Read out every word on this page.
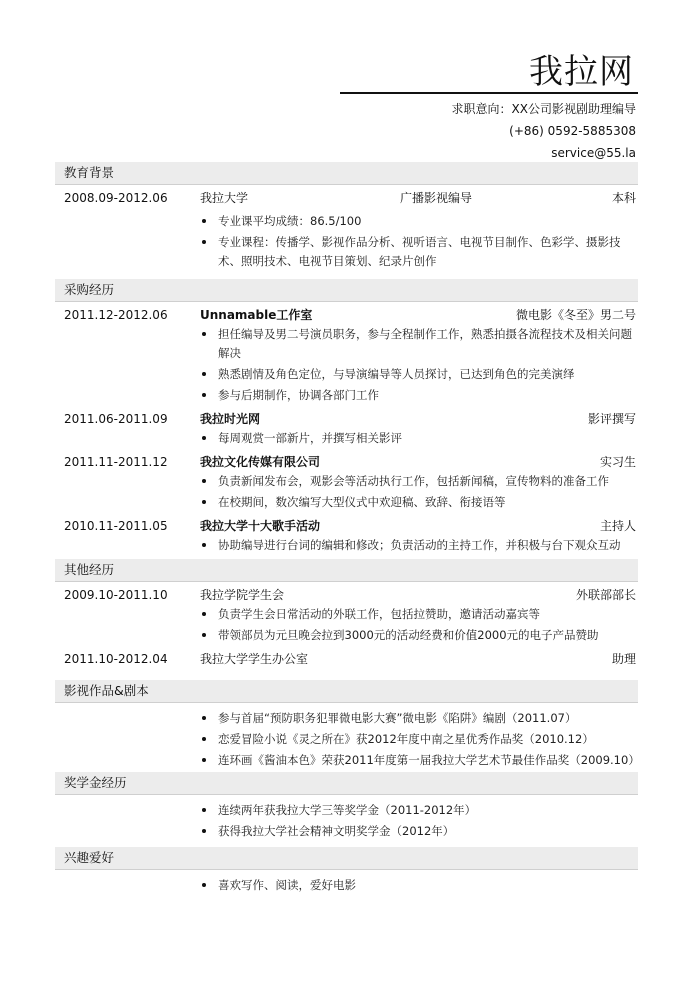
我拉网
求职意向：XX公司影视剧助理编导
(+86) 0592-5885308
service@55.la
教育背景
2008.09-2012.06	我拉大学	广播影视编导	本科
专业课平均成绩：86.5/100
专业课程：传播学、影视作品分析、视听语言、电视节目制作、色彩学、摄影技术、照明技术、电视节目策划、纪录片创作
采购经历
2011.12-2012.06	Unnamable工作室	微电影《冬至》男二号
担任编导及男二号演员职务，参与全程制作工作，熟悉拍摄各流程技术及相关问题解决
熟悉剧情及角色定位，与导演编导等人员探讨，已达到角色的完美演绎
参与后期制作，协调各部门工作
2011.06-2011.09	我拉时光网	影评撰写
每周观赏一部新片，并撰写相关影评
2011.11-2011.12	我拉文化传媒有限公司	实习生
负责新闻发布会，观影会等活动执行工作，包括新闻稿，宣传物料的准备工作
在校期间，数次编写大型仪式中欢迎稿、致辞、衔接语等
2010.11-2011.05	我拉大学十大歌手活动	主持人
协助编导进行台词的编辑和修改；负责活动的主持工作，并积极与台下观众互动
其他经历
2009.10-2011.10	我拉学院学生会	外联部部长
负责学生会日常活动的外联工作，包括拉赞助，邀请活动嘉宾等
带领部员为元旦晚会拉到3000元的活动经费和价值2000元的电子产品赞助
2011.10-2012.04	我拉大学学生办公室	助理
影视作品&剧本
参与首届“预防职务犯罪微电影大赛”微电影《陷阱》编剧（2011.07）
恋爱冒险小说《灵之所在》获2012年度中南之星优秀作品奖（2010.12）
连环画《酱油本色》荣获2011年度第一届我拉大学艺术节最佳作品奖（2009.10）
奖学金经历
连续两年获我拉大学三等奖学金（2011-2012年）
获得我拉大学社会精神文明奖学金（2012年）
兴趣爱好
喜欢写作、阅读，爱好电影
